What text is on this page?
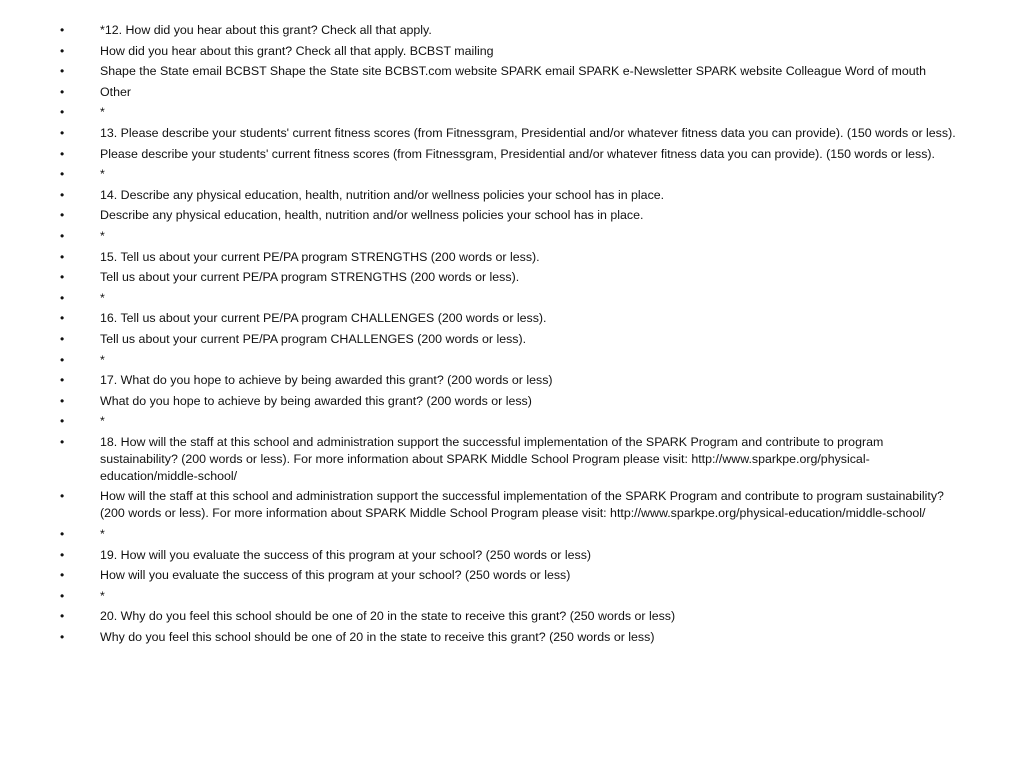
•	*12. How did you hear about this grant? Check all that apply.
•	How did you hear about this grant? Check all that apply. BCBST mailing
•	Shape the State email BCBST Shape the State site BCBST.com website SPARK email SPARK e-Newsletter SPARK website Colleague Word of mouth
•	Other
•	*
•	13. Please describe your students' current fitness scores (from Fitnessgram, Presidential and/or whatever fitness data you can provide). (150 words or less).
•	Please describe your students' current fitness scores (from Fitnessgram, Presidential and/or whatever fitness data you can provide). (150 words or less).
•	*
•	14. Describe any physical education, health, nutrition and/or wellness policies your school has in place.
•	Describe any physical education, health, nutrition and/or wellness policies your school has in place.
•	*
•	15. Tell us about your current PE/PA program STRENGTHS (200 words or less).
•	Tell us about your current PE/PA program STRENGTHS (200 words or less).
•	*
•	16. Tell us about your current PE/PA program CHALLENGES (200 words or less).
•	Tell us about your current PE/PA program CHALLENGES (200 words or less).
•	*
•	17. What do you hope to achieve by being awarded this grant? (200 words or less)
•	What do you hope to achieve by being awarded this grant? (200 words or less)
•	*
•	18. How will the staff at this school and administration support the successful implementation of the SPARK Program and contribute to program sustainability? (200 words or less). For more information about SPARK Middle School Program please visit: http://www.sparkpe.org/physical-education/middle-school/
•	How will the staff at this school and administration support the successful implementation of the SPARK Program and contribute to program sustainability? (200 words or less). For more information about SPARK Middle School Program please visit: http://www.sparkpe.org/physical-education/middle-school/
•	*
•	19. How will you evaluate the success of this program at your school? (250 words or less)
•	How will you evaluate the success of this program at your school? (250 words or less)
•	*
•	20. Why do you feel this school should be one of 20 in the state to receive this grant? (250 words or less)
•	Why do you feel this school should be one of 20 in the state to receive this grant? (250 words or less)
